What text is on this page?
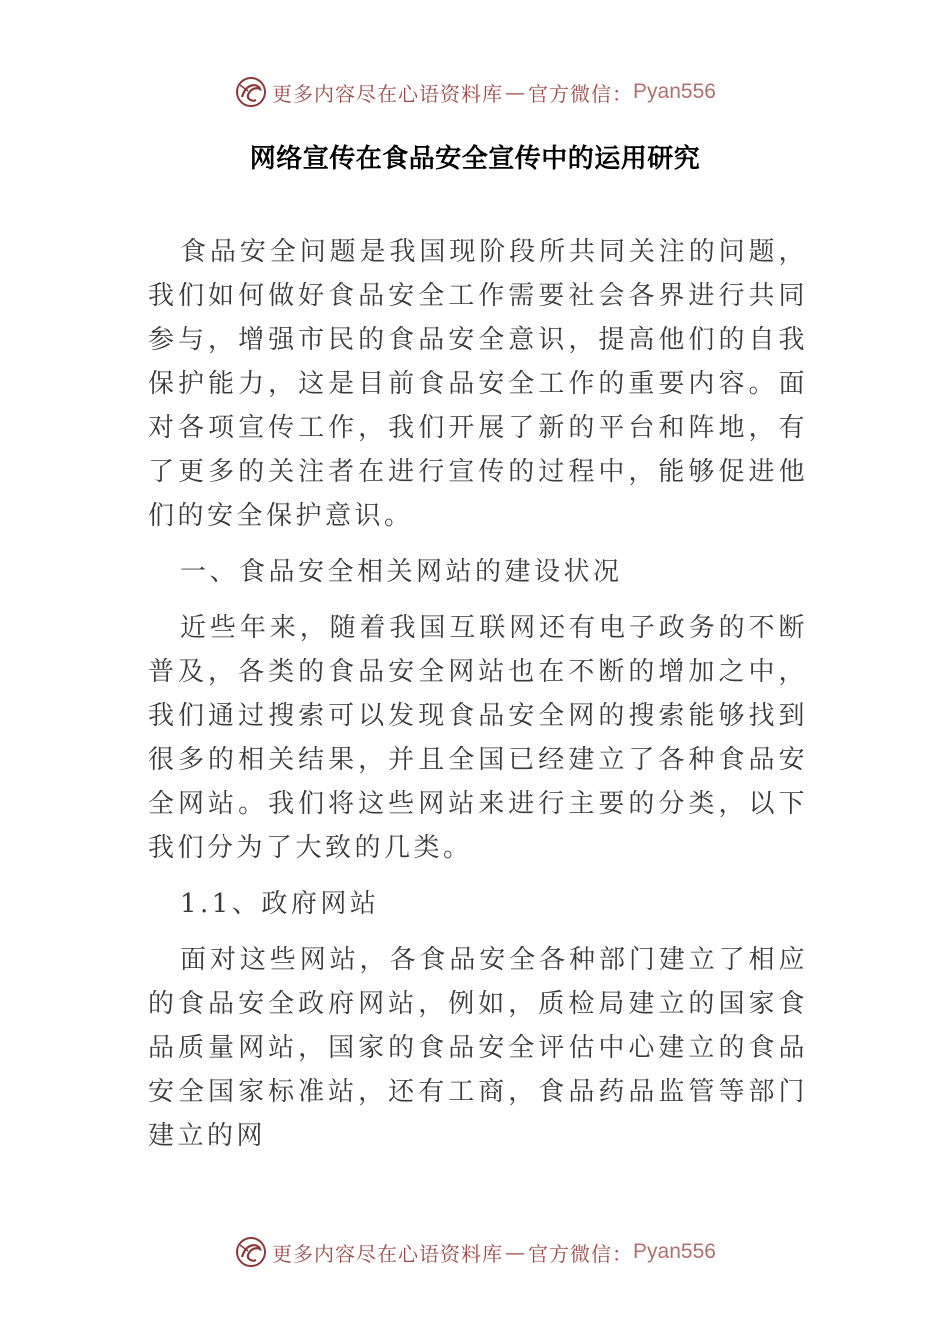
更多内容尽在心语资料库 — 官方微信： Pyan556
网络宣传在食品安全宣传中的运用研究

食品安全问题是我国现阶段所共同关注的问题，我们如何做好食品安全工作需要社会各界进行共同参与，增强市民的食品安全意识，提高他们的自我保护能力，这是目前食品安全工作的重要内容。面对各项宣传工作，我们开展了新的平台和阵地，有了更多的关注者在进行宣传的过程中，能够促进他们的安全保护意识。

一、食品安全相关网站的建设状况

近些年来，随着我国互联网还有电子政务的不断普及，各类的食品安全网站也在不断的增加之中，我们通过搜索可以发现食品安全网的搜索能够找到很多的相关结果，并且全国已经建立了各种食品安全网站。我们将这些网站来进行主要的分类，以下我们分为了大致的几类。

1.1、政府网站

面对这些网站，各食品安全各种部门建立了相应的食品安全政府网站，例如，质检局建立的国家食品质量网站，国家的食品安全评估中心建立的食品安全国家标准站，还有工商，食品药品监管等部门建立的网

更多内容尽在心语资料库 — 官方微信： Pyan556
